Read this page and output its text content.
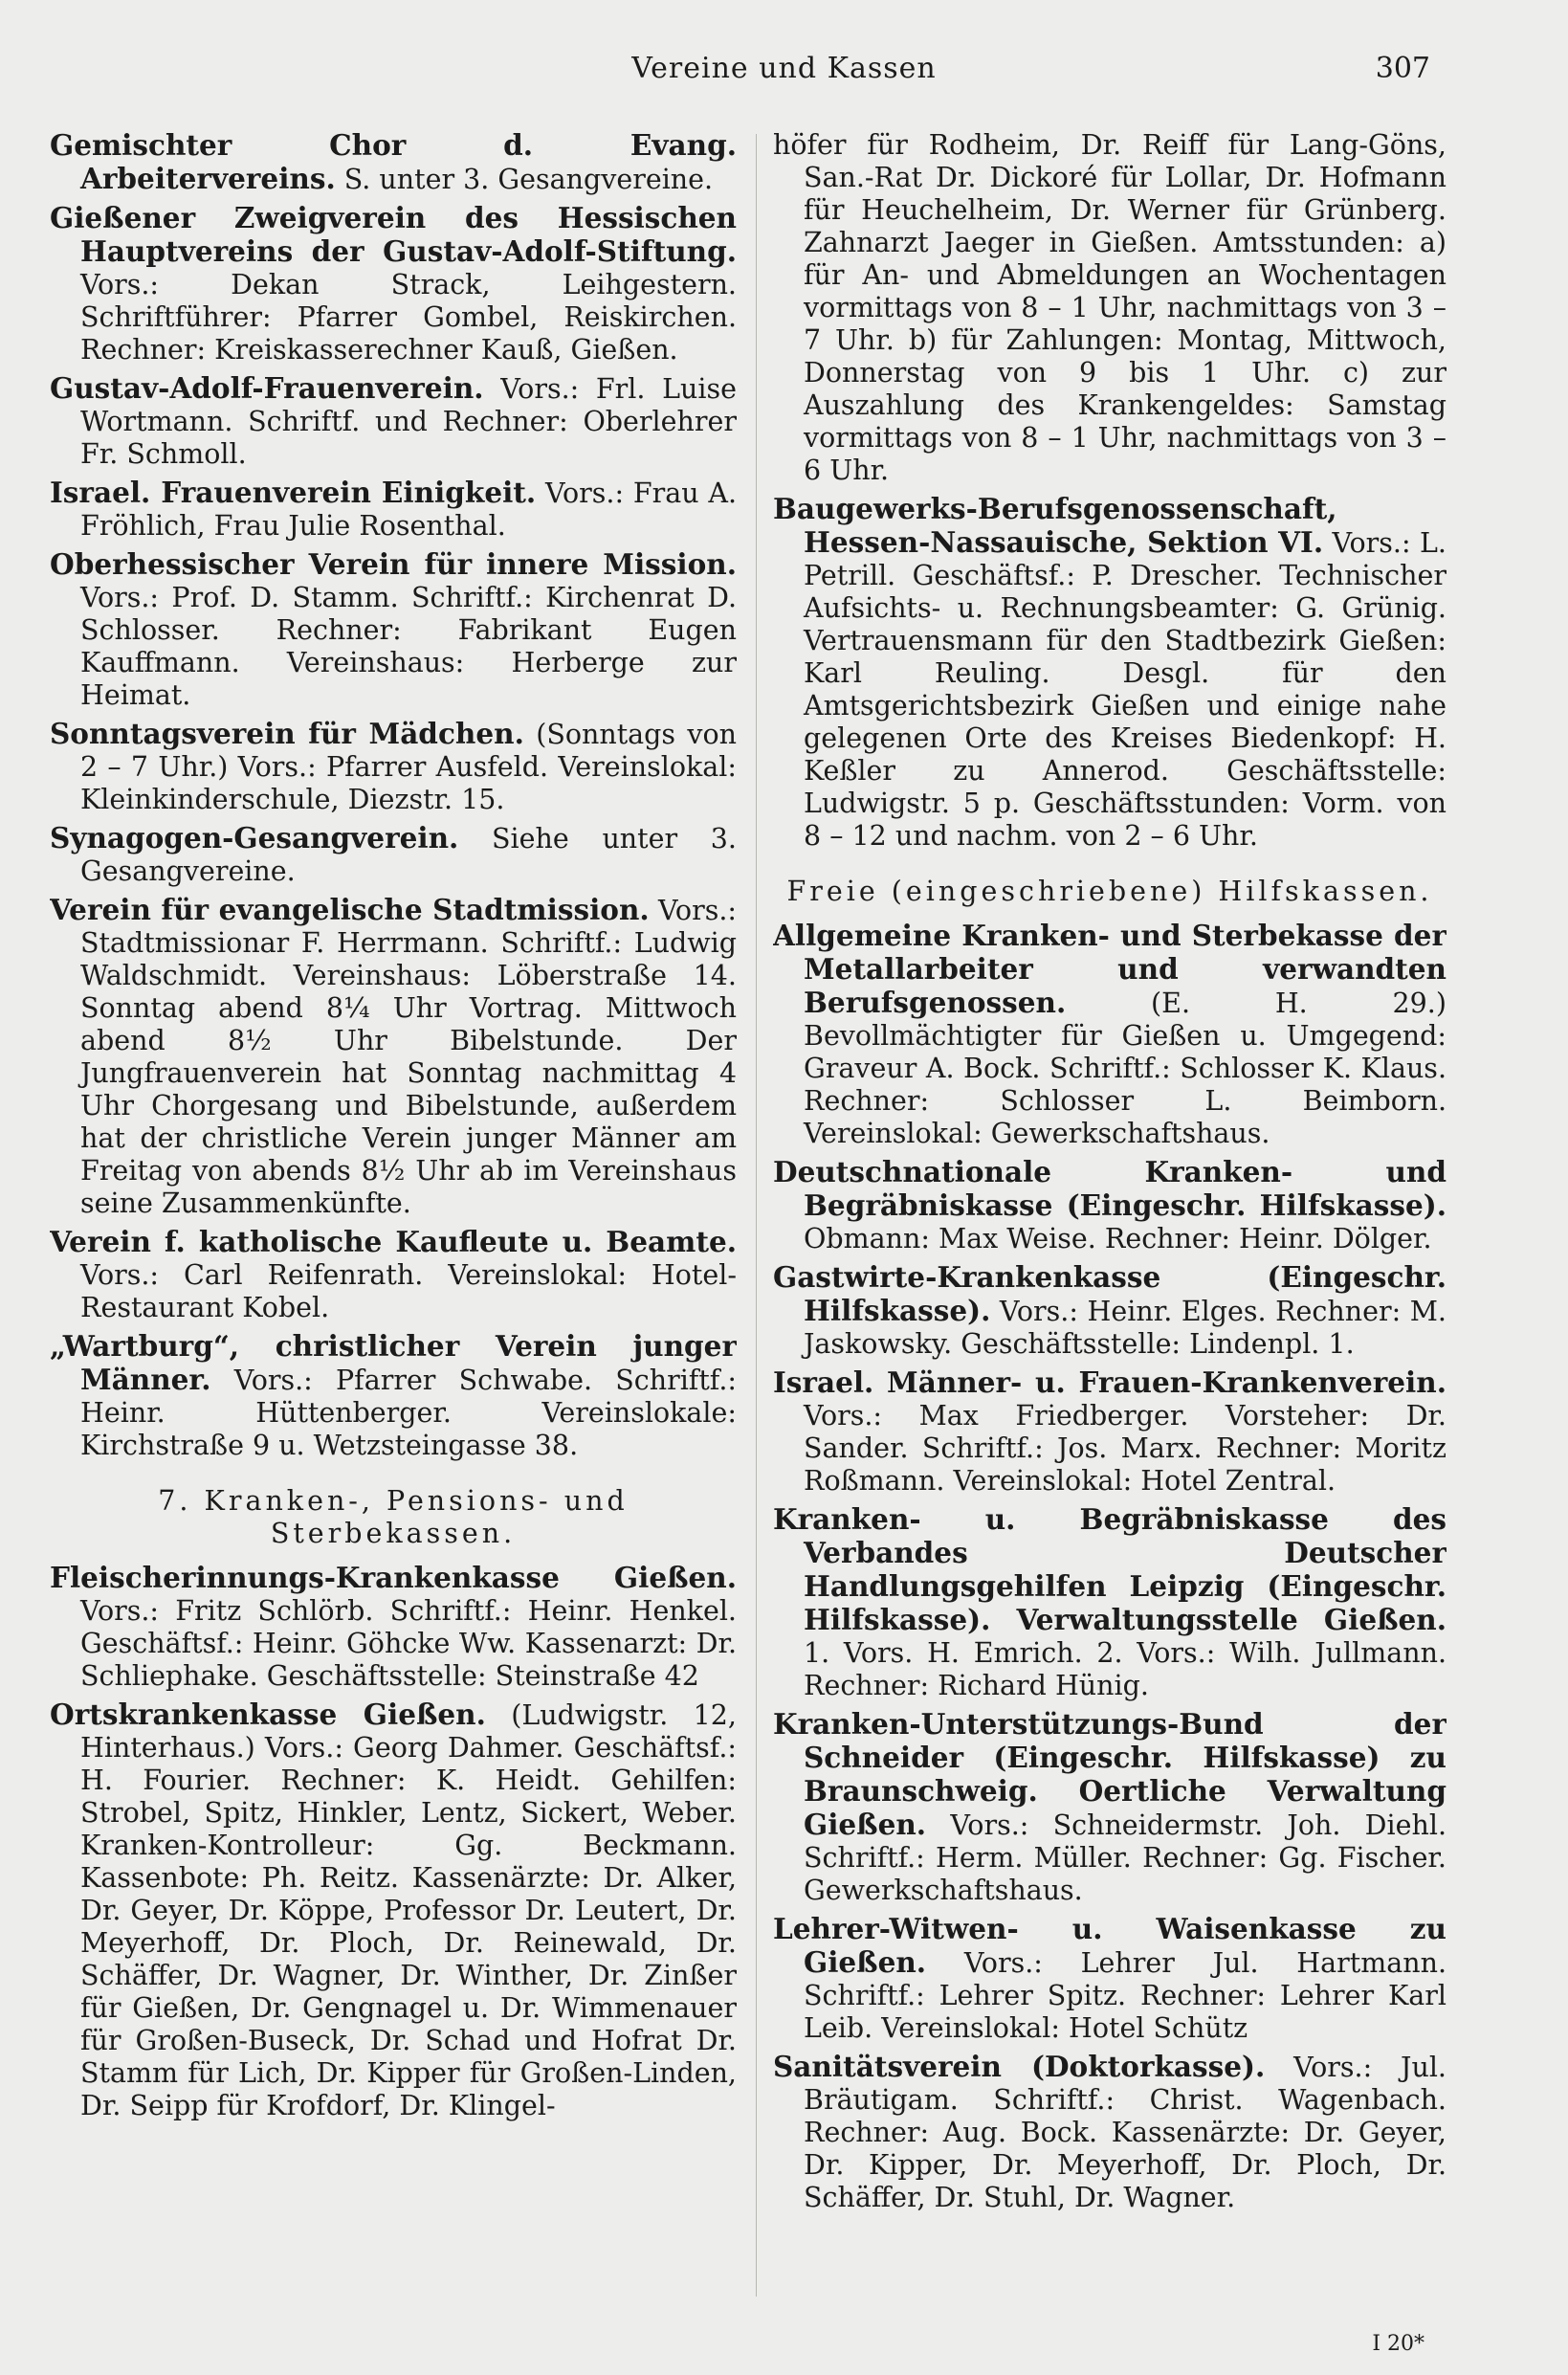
Vereine und Kassen	307

Gemischter Chor d. Evang. Arbeitervereins. S. unter 3. Gesangvereine.

Gießener Zweigverein des Hessischen Hauptvereins der Gustav-Adolf-Stiftung. Vors.: Dekan Strack, Leihgestern. Schriftführer: Pfarrer Gombel, Reiskirchen. Rechner: Kreiskasserechner Kauß, Gießen.

Gustav-Adolf-Frauenverein. Vors.: Frl. Luise Wortmann. Schriftf. und Rechner: Oberlehrer Fr. Schmoll.

Israel. Frauenverein Einigkeit. Vors.: Frau A. Fröhlich, Frau Julie Rosenthal.

Oberhessischer Verein für innere Mission. Vors.: Prof. D. Stamm. Schriftf.: Kirchenrat D. Schlosser. Rechner: Fabrikant Eugen Kauffmann. Vereinshaus: Herberge zur Heimat.

Sonntagsverein für Mädchen. (Sonntags von 2 – 7 Uhr.) Vors.: Pfarrer Ausfeld. Vereinslokal: Kleinkinderschule, Diezstr. 15.

Synagogen-Gesangverein. Siehe unter 3. Gesangvereine.

Verein für evangelische Stadtmission. Vors.: Stadtmissionar F. Herrmann. Schriftf.: Ludwig Waldschmidt. Vereinshaus: Löberstraße 14. Sonntag abend 8¼ Uhr Vortrag. Mittwoch abend 8½ Uhr Bibelstunde. Der Jungfrauenverein hat Sonntag nachmittag 4 Uhr Chorgesang und Bibelstunde, außerdem hat der christliche Verein junger Männer am Freitag von abends 8½ Uhr ab im Vereinshaus seine Zusammenkünfte.

Verein f. katholische Kaufleute u. Beamte. Vors.: Carl Reifenrath. Vereinslokal: Hotel-Restaurant Kobel.

„Wartburg“, christlicher Verein junger Männer. Vors.: Pfarrer Schwabe. Schriftf.: Heinr. Hüttenberger. Vereinslokale: Kirchstraße 9 u. Wetzsteingasse 38.

7. Kranken-, Pensions- und Sterbekassen.

Fleischerinnungs-Krankenkasse Gießen. Vors.: Fritz Schlörb. Schriftf.: Heinr. Henkel. Geschäftsf.: Heinr. Göhcke Ww. Kassenarzt: Dr. Schliephake. Geschäftsstelle: Steinstraße 42

Ortskrankenkasse Gießen. (Ludwigstr. 12, Hinterhaus.) Vors.: Georg Dahmer. Geschäftsf.: H. Fourier. Rechner: K. Heidt. Gehilfen: Strobel, Spitz, Hinkler, Lentz, Sickert, Weber. Kranken-Kontrolleur: Gg. Beckmann. Kassenbote: Ph. Reitz. Kassenärzte: Dr. Alker, Dr. Geyer, Dr. Köppe, Professor Dr. Leutert, Dr. Meyerhoff, Dr. Ploch, Dr. Reinewald, Dr. Schäffer, Dr. Wagner, Dr. Winther, Dr. Zinßer für Gießen, Dr. Gengnagel u. Dr. Wimmenauer für Großen-Buseck, Dr. Schad und Hofrat Dr. Stamm für Lich, Dr. Kipper für Großen-Linden, Dr. Seipp für Krofdorf, Dr. Klingel-

höfer für Rodheim, Dr. Reiff für Lang-Göns, San.-Rat Dr. Dickoré für Lollar, Dr. Hofmann für Heuchelheim, Dr. Werner für Grünberg. Zahnarzt Jaeger in Gießen. Amtsstunden: a) für An- und Abmeldungen an Wochentagen vormittags von 8 – 1 Uhr, nachmittags von 3 – 7 Uhr. b) für Zahlungen: Montag, Mittwoch, Donnerstag von 9 bis 1 Uhr. c) zur Auszahlung des Krankengeldes: Samstag vormittags von 8 – 1 Uhr, nachmittags von 3 – 6 Uhr.

Baugewerks-Berufsgenossenschaft, Hessen-Nassauische, Sektion VI. Vors.: L. Petrill. Geschäftsf.: P. Drescher. Technischer Aufsichts- u. Rechnungsbeamter: G. Grünig. Vertrauensmann für den Stadtbezirk Gießen: Karl Reuling. Desgl. für den Amtsgerichtsbezirk Gießen und einige nahe gelegenen Orte des Kreises Biedenkopf: H. Keßler zu Annerod. Geschäftsstelle: Ludwigstr. 5 p. Geschäftsstunden: Vorm. von 8 – 12 und nachm. von 2 – 6 Uhr.

Freie (eingeschriebene) Hilfskassen.

Allgemeine Kranken- und Sterbekasse der Metallarbeiter und verwandten Berufsgenossen.	(E. H. 29.) Bevollmächtigter für Gießen u. Umgegend: Graveur A. Bock. Schriftf.: Schlosser K. Klaus. Rechner: Schlosser L. Beimborn. Vereinslokal: Gewerkschaftshaus.

Deutschnationale Kranken- und Begräbniskasse (Eingeschr. Hilfskasse). Obmann: Max Weise. Rechner: Heinr. Dölger.

Gastwirte-Krankenkasse (Eingeschr. Hilfskasse). Vors.: Heinr. Elges. Rechner: M. Jaskowsky. Geschäftsstelle: Lindenpl. 1.

Israel. Männer- u. Frauen-Krankenverein. Vors.: Max Friedberger. Vorsteher: Dr. Sander. Schriftf.: Jos. Marx. Rechner: Moritz Roßmann. Vereinslokal: Hotel Zentral.

Kranken- u. Begräbniskasse des Verbandes Deutscher Handlungsgehilfen Leipzig (Eingeschr. Hilfskasse). Verwaltungsstelle Gießen. 1. Vors. H. Emrich. 2. Vors.: Wilh. Jullmann. Rechner: Richard Hünig.

Kranken-Unterstützungs-Bund der Schneider (Eingeschr. Hilfskasse) zu Braunschweig. Oertliche Verwaltung Gießen. Vors.: Schneidermstr. Joh. Diehl. Schriftf.: Herm. Müller. Rechner: Gg. Fischer. Gewerkschaftshaus.

Lehrer-Witwen- u. Waisenkasse zu Gießen. Vors.: Lehrer Jul. Hartmann. Schriftf.: Lehrer Spitz. Rechner: Lehrer Karl Leib. Vereinslokal: Hotel Schütz

Sanitätsverein (Doktorkasse). Vors.: Jul. Bräutigam. Schriftf.: Christ. Wagenbach. Rechner: Aug. Bock. Kassenärzte: Dr. Geyer, Dr. Kipper, Dr. Meyerhoff, Dr. Ploch, Dr. Schäffer, Dr. Stuhl, Dr. Wagner.

I 20*
